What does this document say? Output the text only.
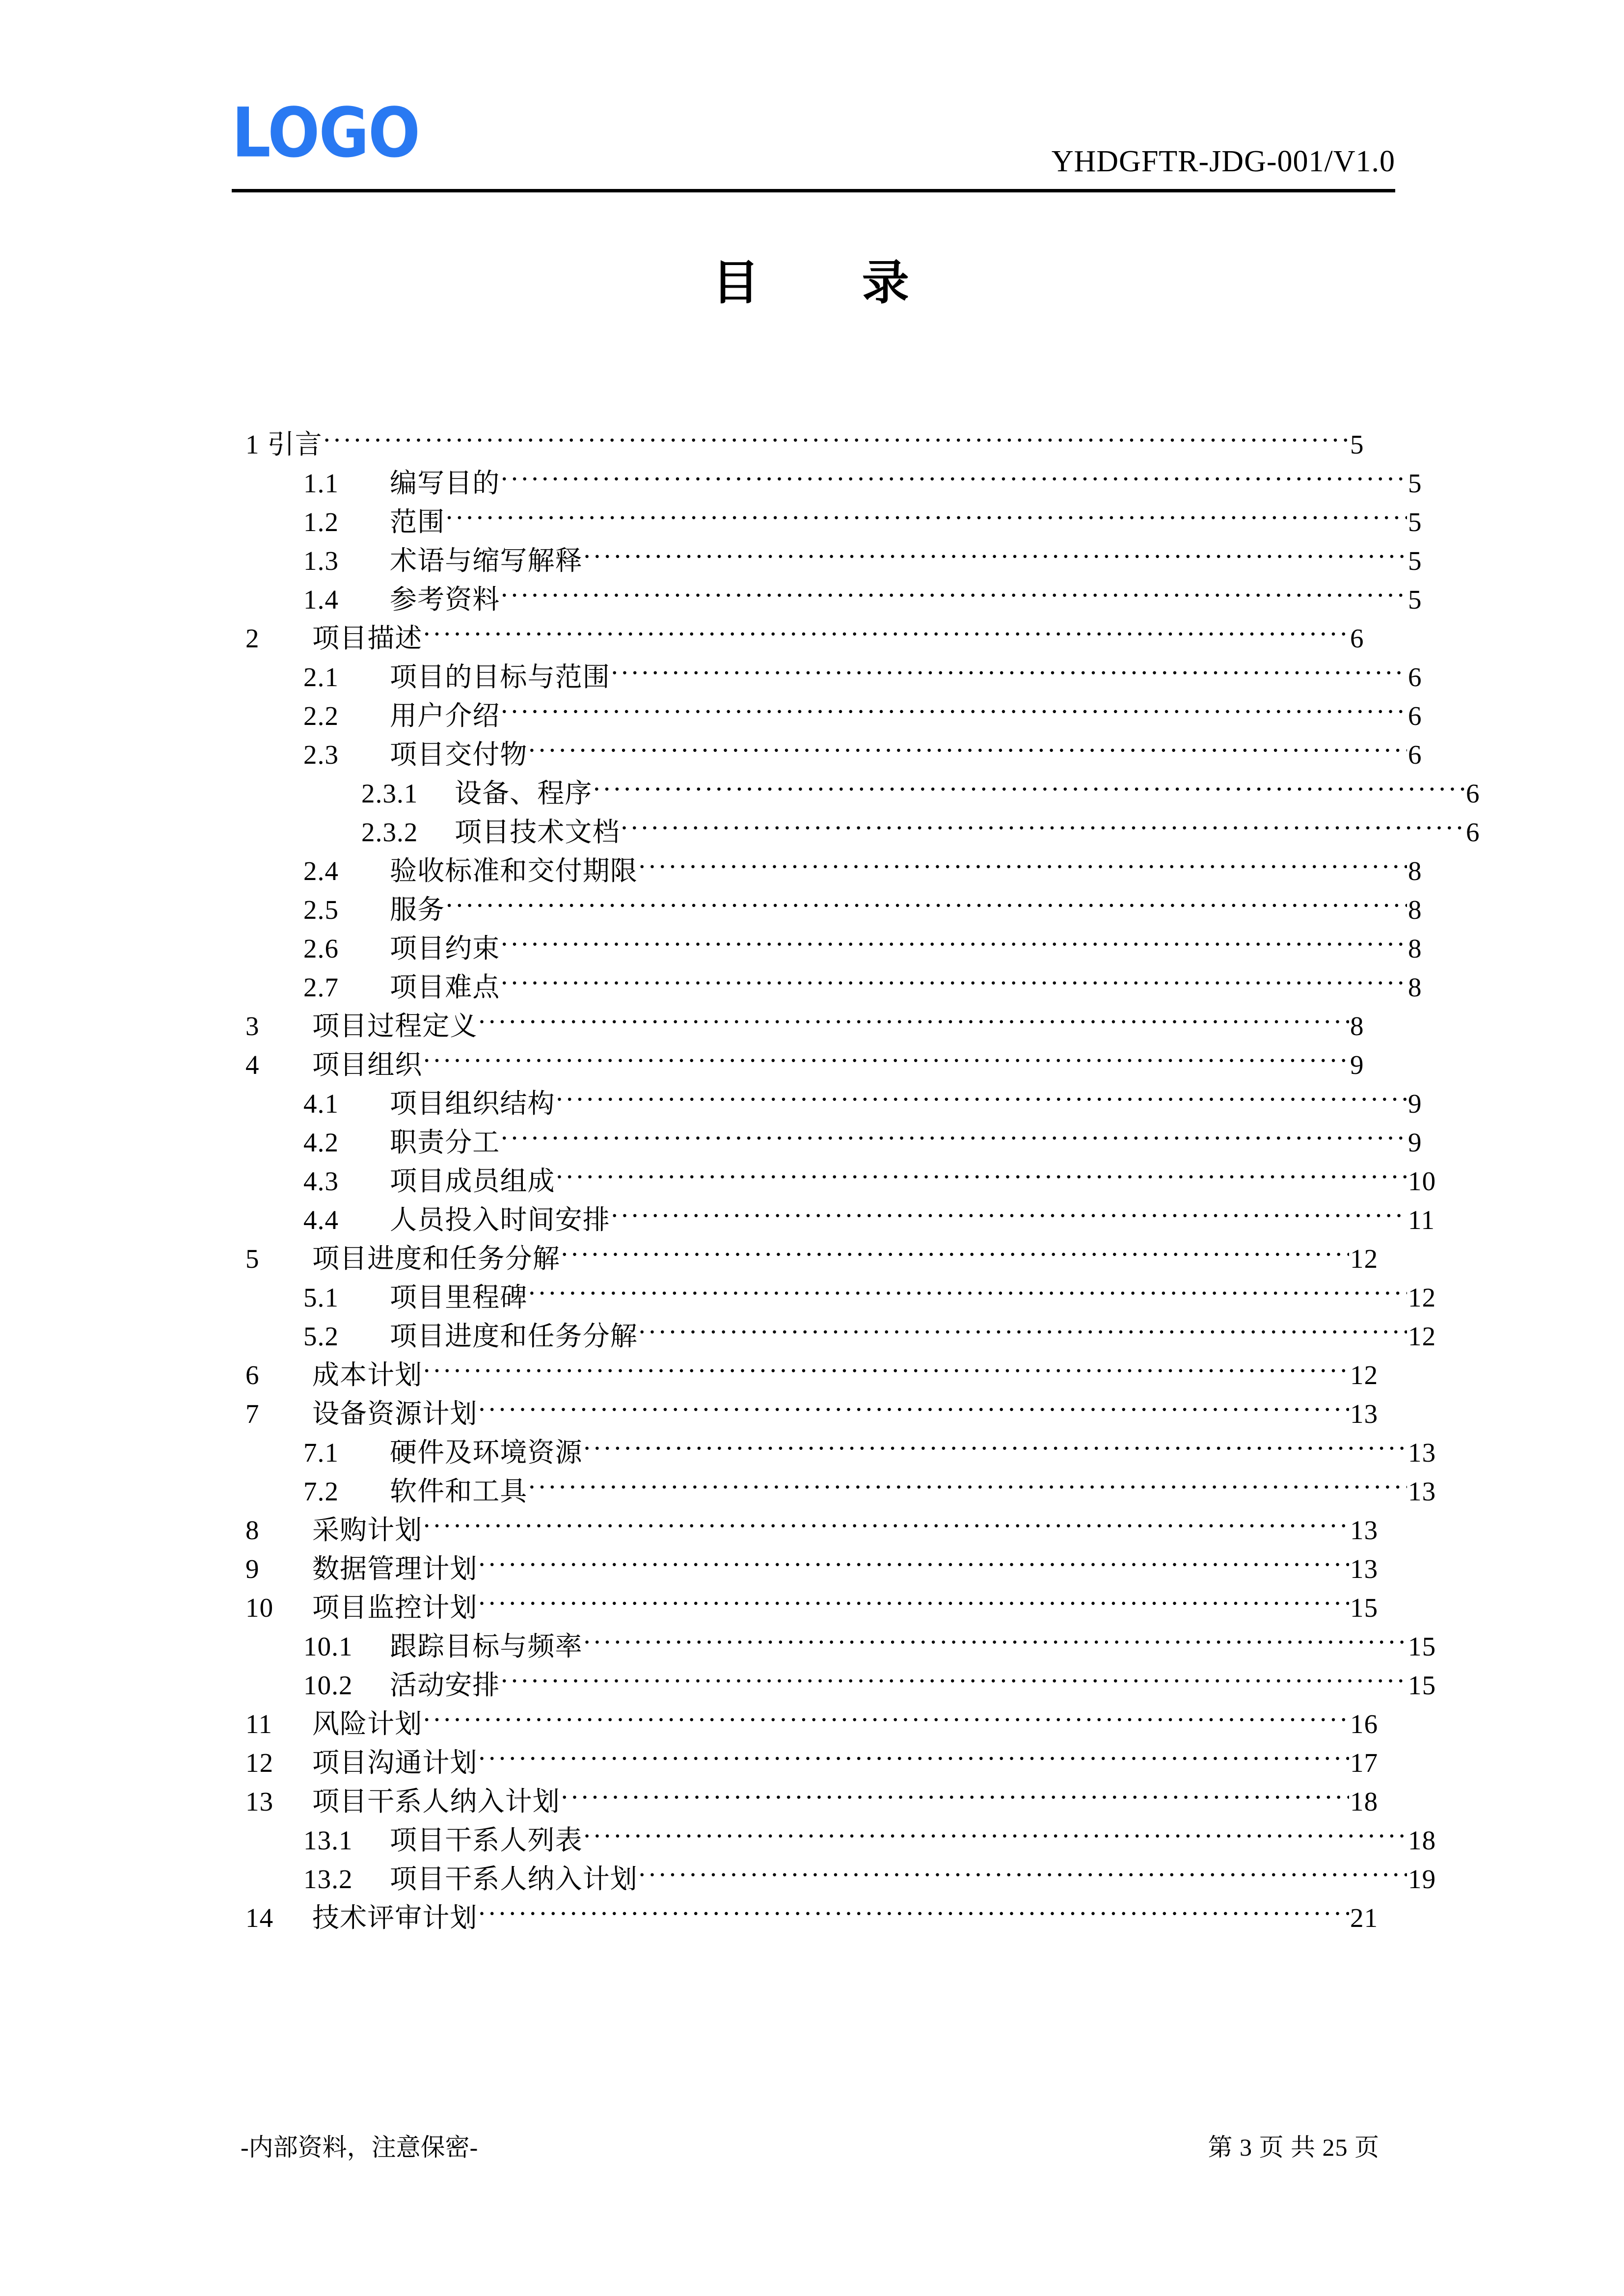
LOGO	YHDGFTR-JDG-001/V1.0
目　　录
1 引言 .....	5
1.1	编写目的 .....	5
1.2	范围 .....	5
1.3	术语与缩写解释 .....	5
1.4	参考资料 .....	5
2	项目描述 .....	6
2.1	项目的目标与范围 .....	6
2.2	用户介绍 .....	6
2.3	项目交付物 .....	6
2.3.1	设备、程序 .....	6
2.3.2	项目技术文档 .....	6
2.4	验收标准和交付期限 .....	8
2.5	服务 .....	8
2.6	项目约束 .....	8
2.7	项目难点 .....	8
3	项目过程定义 .....	8
4	项目组织 .....	9
4.1	项目组织结构 .....	9
4.2	职责分工 .....	9
4.3	项目成员组成 .....	10
4.4	人员投入时间安排 .....	11
5	项目进度和任务分解 .....	12
5.1	项目里程碑 .....	12
5.2	项目进度和任务分解 .....	12
6	成本计划 .....	12
7	设备资源计划 .....	13
7.1	硬件及环境资源 .....	13
7.2	软件和工具 .....	13
8	采购计划 .....	13
9	数据管理计划 .....	13
10	项目监控计划 .....	15
10.1	跟踪目标与频率 .....	15
10.2	活动安排 .....	15
11	风险计划 .....	16
12	项目沟通计划 .....	17
13	项目干系人纳入计划 .....	18
13.1	项目干系人列表 .....	18
13.2	项目干系人纳入计划 .....	19
14	技术评审计划 .....	21
-内部资料，注意保密-	第 3 页 共 25 页
